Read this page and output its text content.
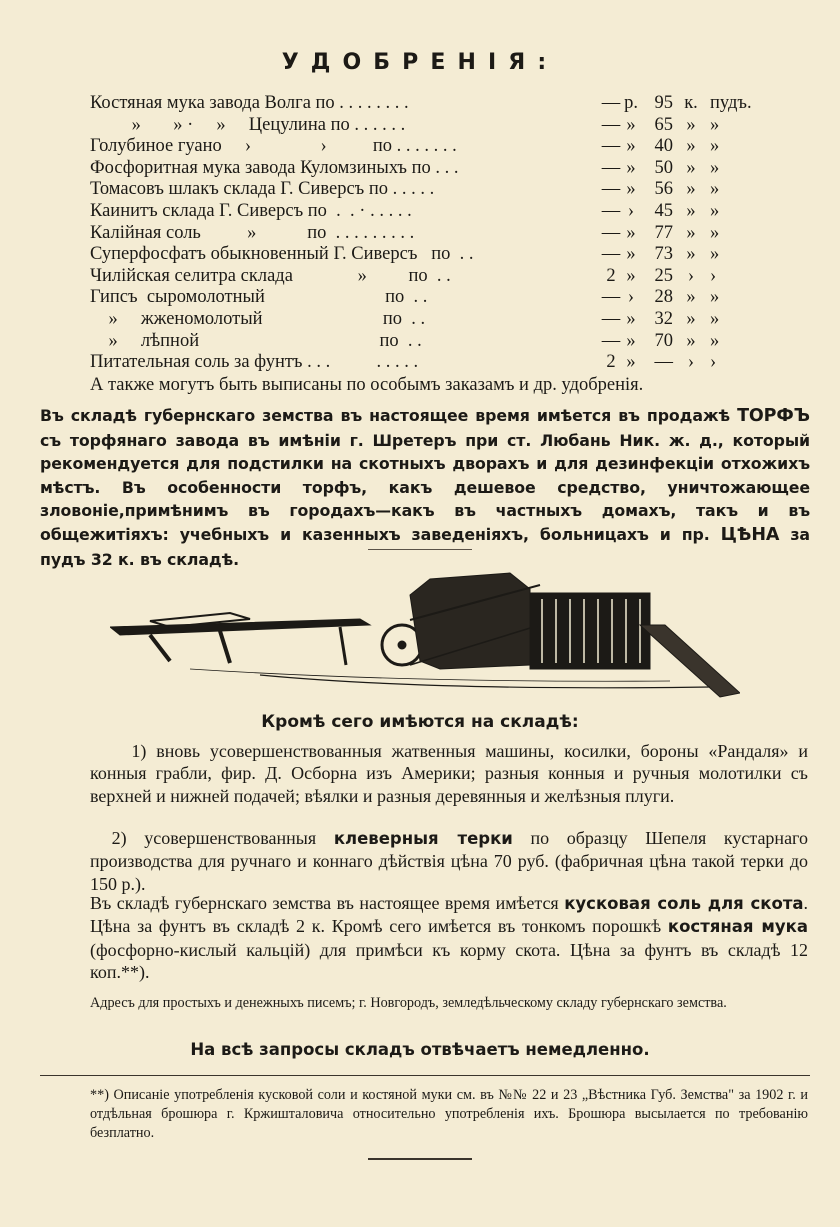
УДОБРЕНІЯ:
Костяная мука завода Волга по . . . . . . . .	— р. 95 к. пудъ.
»       » ·     »     Цецулина по . . . . . .	— »	65 » »
Голубиное гуано     ›               ›          по . . . . . . .	— »	40 » »
Фосфоритная мука завода Куломзиныхъ по . . .	— »	50 » »
Томасовъ шлакъ склада Г. Сиверсъ по . . . . .	— »	56 » »
Каинитъ склада Г. Сиверсъ по  .  . · . . . . .	— ›	45 » »
Калійная соль          »           по  . . . . . . . . .	— »	77 » »
Суперфосфатъ обыкновенный Г. Сиверсъ   по  . .	— »	73 » »
Чилійская селитра склада              »         по  . .	2 »	25 › ›
Гипсъ  сыромолотный                          по  . .	— ›	28 » »
»     жженомолотый                          по  . .	— »	32 » »
»     лѣпной                                       по  . .	— »	70 » »
Питательная соль за фунтъ . . .          . . . . .	2 »	— › ›
А также могутъ быть выписаны по особымъ заказамъ и др. удобренія.
Въ складѣ губернскаго земства въ настоящее время имѣется въ продажѣ ТОРФЪ съ торфянаго завода въ имѣніи г. Шретеръ при ст. Любань Ник. ж. д., который рекомендуется для подстилки на скотныхъ дворахъ и для дезинфекціи отхожихъ мѣстъ. Въ особенности торфъ, какъ дешевое средство, уничтожающее зловоніе,примѣнимъ въ городахъ—какъ въ частныхъ домахъ, такъ и въ общежитіяхъ: учебныхъ и казенныхъ заведеніяхъ, больницахъ и пр. ЦѢНА за пудъ 32 к. въ складѣ.
Кромѣ сего имѣются на складѣ:
1) вновь усовершенствованныя жатвенныя машины, косилки, бороны «Рандаля» и конныя грабли, фир. Д. Осборна изъ Америки; разныя конныя и ручныя молотилки съ верхней и нижней подачей; вѣялки и разныя деревянныя и желѣзныя плуги.
2) усовершенствованныя клеверныя терки по образцу Шепеля кустарнаго производства для ручнаго и коннаго дѣйствія цѣна 70 руб. (фабричная цѣна такой терки до 150 р.).
Въ складѣ губернскаго земства въ настоящее время имѣется кусковая соль для скота. Цѣна за фунтъ въ складѣ 2 к. Кромѣ сего имѣется въ тонкомъ порошкѣ костяная мука (фосфорно-кислый кальцій) для примѣси къ корму скота. Цѣна за фунтъ въ складѣ 12 коп.**).
Адресъ для простыхъ и денежныхъ писемъ; г. Новгородъ, земледѣльческому складу губернскаго земства.
На всѣ запросы складъ отвѣчаетъ немедленно.
**) Описаніе употребленія кусковой соли и костяной муки см. въ №№ 22 и 23 „Вѣстника Губ. Земства" за 1902 г. и отдѣльная брошюра г. Кржишталовича относительно употребленія ихъ. Брошюра высылается по требованію безплатно.
